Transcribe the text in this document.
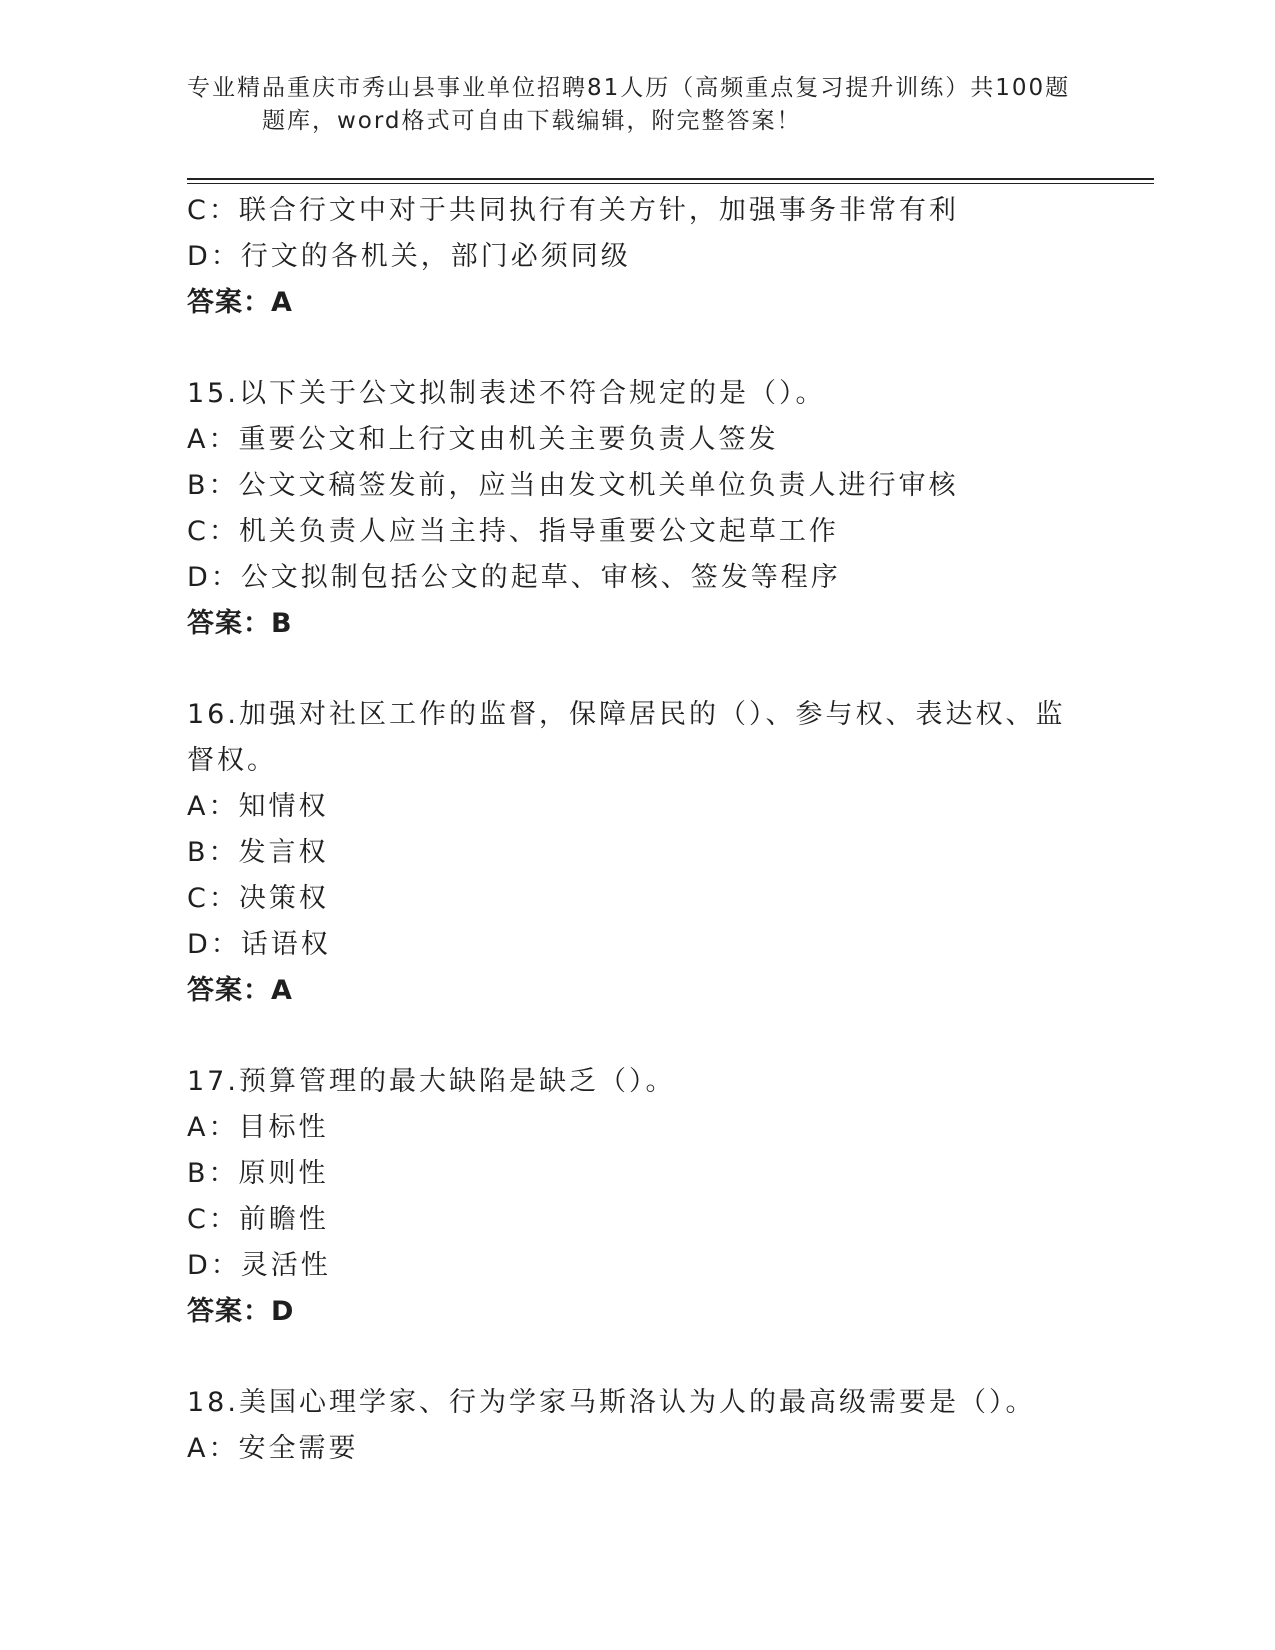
专业精品重庆市秀山县事业单位招聘81人历（高频重点复习提升训练）共100题
题库，word格式可自由下载编辑，附完整答案！
C：联合行文中对于共同执行有关方针，加强事务非常有利
D：行文的各机关，部门必须同级
答案：A
15.以下关于公文拟制表述不符合规定的是（）。
A：重要公文和上行文由机关主要负责人签发
B：公文文稿签发前，应当由发文机关单位负责人进行审核
C：机关负责人应当主持、指导重要公文起草工作
D：公文拟制包括公文的起草、审核、签发等程序
答案：B
16.加强对社区工作的监督，保障居民的（）、参与权、表达权、监督权。
A：知情权
B：发言权
C：决策权
D：话语权
答案：A
17.预算管理的最大缺陷是缺乏（）。
A：目标性
B：原则性
C：前瞻性
D：灵活性
答案：D
18.美国心理学家、行为学家马斯洛认为人的最高级需要是（）。
A：安全需要
